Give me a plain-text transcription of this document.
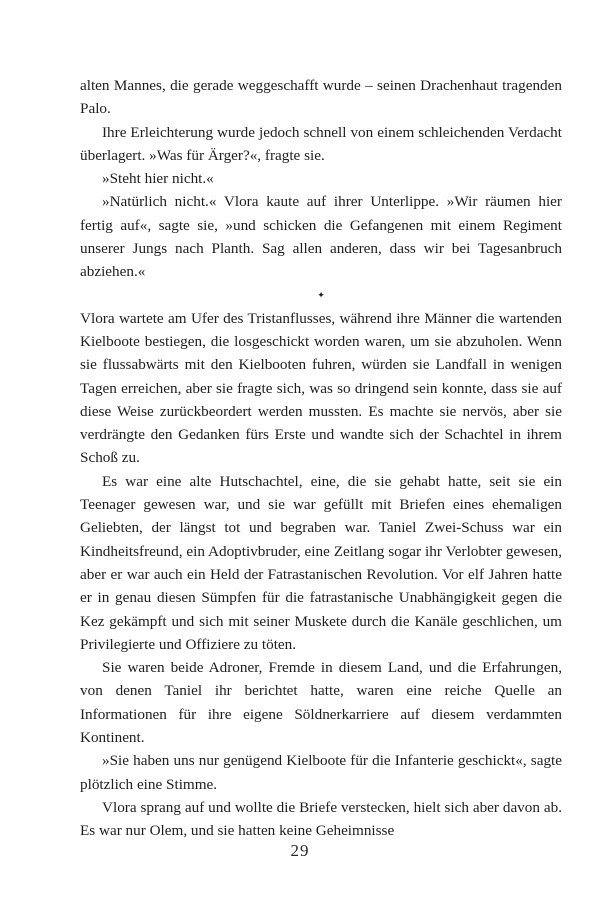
alten Mannes, die gerade weggeschafft wurde – seinen Drachenhaut tragenden Palo.

Ihre Erleichterung wurde jedoch schnell von einem schleichenden Verdacht überlagert. »Was für Ärger?«, fragte sie.

»Steht hier nicht.«

»Natürlich nicht.« Vlora kaute auf ihrer Unterlippe. »Wir räumen hier fertig auf«, sagte sie, »und schicken die Gefangenen mit einem Regiment unserer Jungs nach Planth. Sag allen anderen, dass wir bei Tagesanbruch abziehen.«

✦

Vlora wartete am Ufer des Tristanflusses, während ihre Männer die wartenden Kielboote bestiegen, die losgeschickt worden waren, um sie abzuholen. Wenn sie flussabwärts mit den Kielbooten fuhren, würden sie Landfall in wenigen Tagen erreichen, aber sie fragte sich, was so dringend sein konnte, dass sie auf diese Weise zurückbeordert werden mussten. Es machte sie nervös, aber sie verdrängte den Gedanken fürs Erste und wandte sich der Schachtel in ihrem Schoß zu.

Es war eine alte Hutschachtel, eine, die sie gehabt hatte, seit sie ein Teenager gewesen war, und sie war gefüllt mit Briefen eines ehemaligen Geliebten, der längst tot und begraben war. Taniel Zwei-Schuss war ein Kindheitsfreund, ein Adoptivbruder, eine Zeitlang sogar ihr Verlobter gewesen, aber er war auch ein Held der Fatrastanischen Revolution. Vor elf Jahren hatte er in genau diesen Sümpfen für die fatrastanische Unabhängigkeit gegen die Kez gekämpft und sich mit seiner Muskete durch die Kanäle geschlichen, um Privilegierte und Offiziere zu töten.

Sie waren beide Adroner, Fremde in diesem Land, und die Erfahrungen, von denen Taniel ihr berichtet hatte, waren eine reiche Quelle an Informationen für ihre eigene Söldnerkarriere auf diesem verdammten Kontinent.

»Sie haben uns nur genügend Kielboote für die Infanterie geschickt«, sagte plötzlich eine Stimme.

Vlora sprang auf und wollte die Briefe verstecken, hielt sich aber davon ab. Es war nur Olem, und sie hatten keine Geheimnisse

29
